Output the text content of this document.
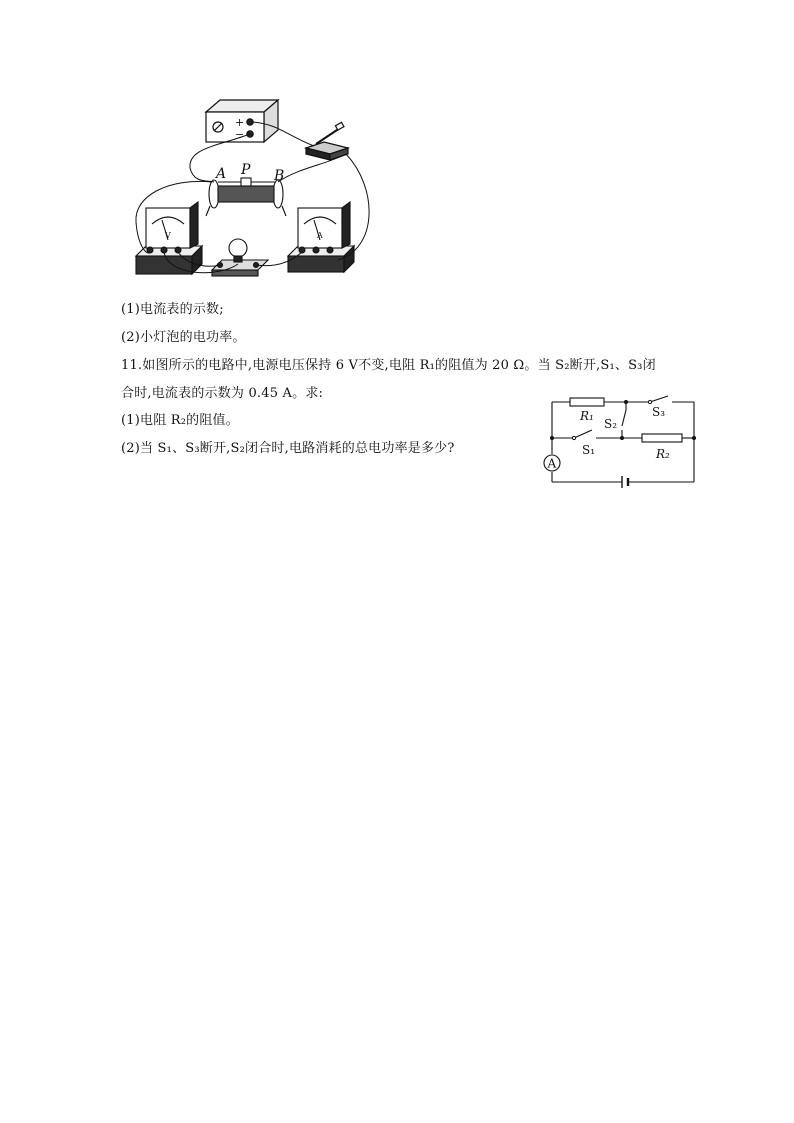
+
−
A P B
V	A
(1)电流表的示数;
(2)小灯泡的电功率。
11.如图所示的电路中,电源电压保持 6 V不变,电阻 R₁的阻值为 20 Ω。当 S₂断开,S₁、S₃闭
合时,电流表的示数为 0.45 A。求:
(1)电阻 R₂的阻值。
(2)当 S₁、S₃断开,S₂闭合时,电路消耗的总电功率是多少?
A
R₁	S₃
S₂
S₁	R₂
